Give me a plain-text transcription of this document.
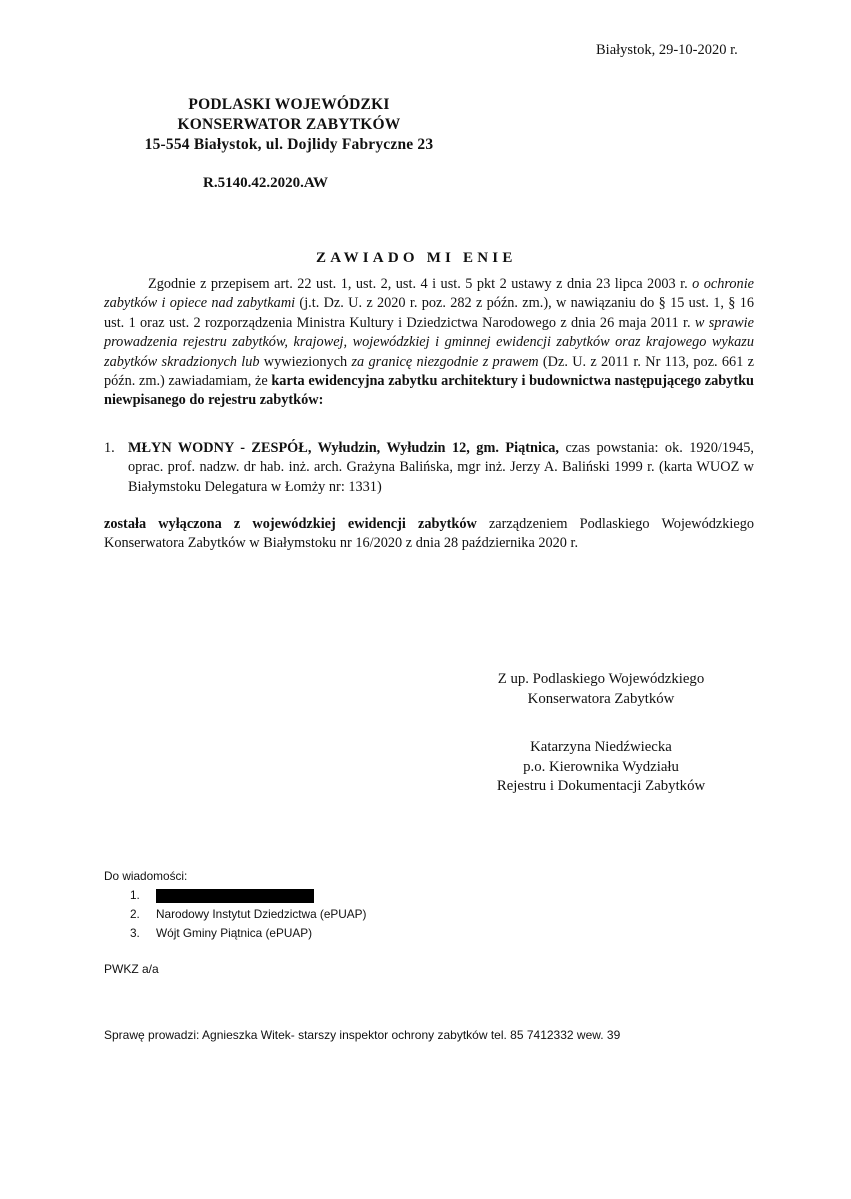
Białystok, 29-10-2020 r.
PODLASKI WOJEWÓDZKI
KONSERWATOR ZABYTKÓW
15-554 Białystok, ul. Dojlidy Fabryczne 23
R.5140.42.2020.AW
ZAWIADO MI ENIE

Zgodnie z przepisem art. 22 ust. 1, ust. 2, ust. 4 i ust. 5 pkt 2 ustawy z dnia 23 lipca 2003 r. o ochronie zabytków i opiece nad zabytkami (j.t. Dz. U. z 2020 r. poz. 282 z późn. zm.), w nawiązaniu do § 15 ust. 1, § 16 ust. 1 oraz ust. 2 rozporządzenia Ministra Kultury i Dziedzictwa Narodowego z dnia 26 maja 2011 r. w sprawie prowadzenia rejestru zabytków, krajowej, wojewódzkiej i gminnej ewidencji zabytków oraz krajowego wykazu zabytków skradzionych lub wywiezionych za granicę niezgodnie z prawem (Dz. U. z 2011 r. Nr 113, poz. 661 z późn. zm.) zawiadamiam, że karta ewidencyjna zabytku architektury i budownictwa następującego zabytku niewpisanego do rejestru zabytków:

1. MŁYN WODNY - ZESPÓŁ, Wyłudzin, Wyłudzin 12, gm. Piątnica, czas powstania: ok. 1920/1945, oprac. prof. nadzw. dr hab. inż. arch. Grażyna Balińska, mgr inż. Jerzy A. Baliński 1999 r. (karta WUOZ w Białymstoku Delegatura w Łomży nr: 1331)

została wyłączona z wojewódzkiej ewidencji zabytków zarządzeniem Podlaskiego Wojewódzkiego Konserwatora Zabytków w Białymstoku nr 16/2020 z dnia 28 października 2020 r.

Z up. Podlaskiego Wojewódzkiego
Konserwatora Zabytków
Katarzyna Niedźwiecka
p.o. Kierownika Wydziału
Rejestru i Dokumentacji Zabytków
Do wiadomości:
1.
2. Narodowy Instytut Dziedzictwa (ePUAP)
3. Wójt Gminy Piątnica (ePUAP)
PWKZ a/a
Sprawę prowadzi: Agnieszka Witek- starszy inspektor ochrony zabytków tel. 85 7412332 wew. 39
